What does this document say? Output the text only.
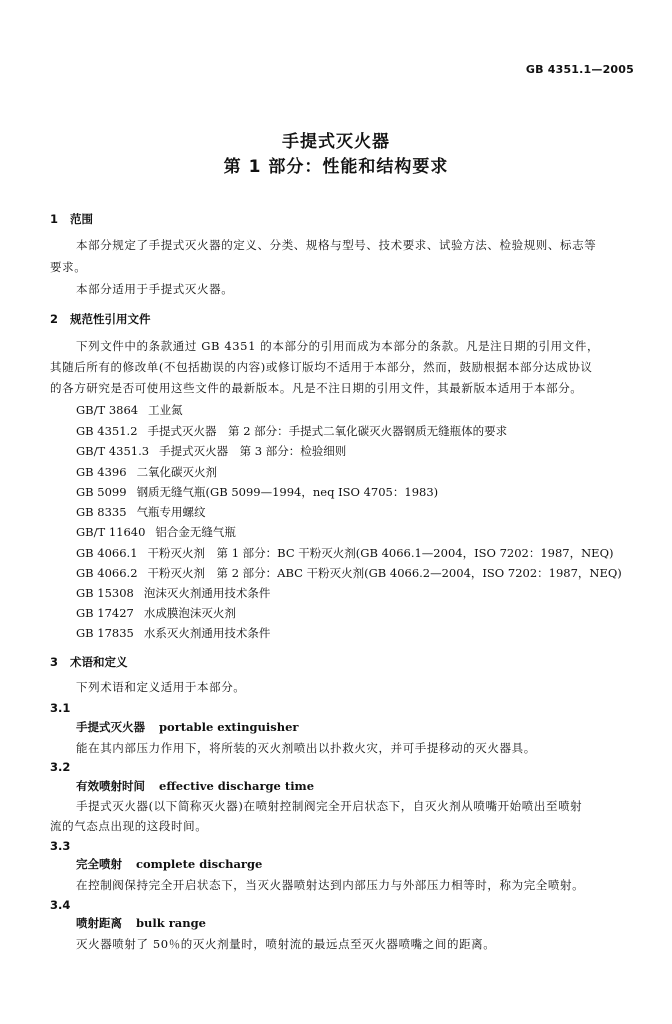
GB 4351.1—2005
手提式灭火器
第 1 部分：性能和结构要求
1 范围
本部分规定了手提式灭火器的定义、分类、规格与型号、技术要求、试验方法、检验规则、标志等
要求。
本部分适用于手提式灭火器。
2 规范性引用文件
下列文件中的条款通过 GB 4351 的本部分的引用而成为本部分的条款。凡是注日期的引用文件，
其随后所有的修改单(不包括勘误的内容)或修订版均不适用于本部分，然而，鼓励根据本部分达成协议
的各方研究是否可使用这些文件的最新版本。凡是不注日期的引用文件，其最新版本适用于本部分。
GB/T 3864 工业氮
GB 4351.2 手提式灭火器　第 2 部分：手提式二氧化碳灭火器钢质无缝瓶体的要求
GB/T 4351.3 手提式灭火器　第 3 部分：检验细则
GB 4396 二氧化碳灭火剂
GB 5099 钢质无缝气瓶(GB 5099—1994，neq ISO 4705：1983)
GB 8335 气瓶专用螺纹
GB/T 11640 铝合金无缝气瓶
GB 4066.1 干粉灭火剂　第 1 部分：BC 干粉灭火剂(GB 4066.1—2004，ISO 7202：1987，NEQ)
GB 4066.2 干粉灭火剂　第 2 部分：ABC 干粉灭火剂(GB 4066.2—2004，ISO 7202：1987，NEQ)
GB 15308 泡沫灭火剂通用技术条件
GB 17427 水成膜泡沫灭火剂
GB 17835 水系灭火剂通用技术条件
3 术语和定义
下列术语和定义适用于本部分。
3.1
手提式灭火器 portable extinguisher
能在其内部压力作用下，将所装的灭火剂喷出以扑救火灾，并可手提移动的灭火器具。
3.2
有效喷射时间 effective discharge time
手提式灭火器(以下简称灭火器)在喷射控制阀完全开启状态下，自灭火剂从喷嘴开始喷出至喷射
流的气态点出现的这段时间。
3.3
完全喷射 complete discharge
在控制阀保持完全开启状态下，当灭火器喷射达到内部压力与外部压力相等时，称为完全喷射。
3.4
喷射距离 bulk range
灭火器喷射了 50％的灭火剂量时，喷射流的最远点至灭火器喷嘴之间的距离。
